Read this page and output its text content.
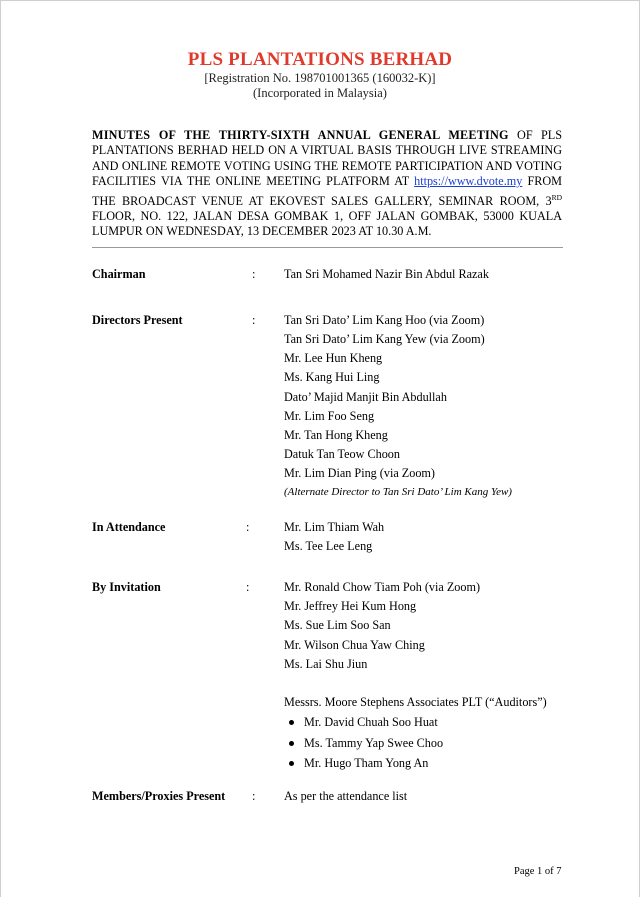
PLS PLANTATIONS BERHAD
[Registration No. 198701001365 (160032-K)]
(Incorporated in Malaysia)
MINUTES OF THE THIRTY-SIXTH ANNUAL GENERAL MEETING OF PLS PLANTATIONS BERHAD HELD ON A VIRTUAL BASIS THROUGH LIVE STREAMING AND ONLINE REMOTE VOTING USING THE REMOTE PARTICIPATION AND VOTING FACILITIES VIA THE ONLINE MEETING PLATFORM AT https://www.dvote.my FROM THE BROADCAST VENUE AT EKOVEST SALES GALLERY, SEMINAR ROOM, 3RD FLOOR, NO. 122, JALAN DESA GOMBAK 1, OFF JALAN GOMBAK, 53000 KUALA LUMPUR ON WEDNESDAY, 13 DECEMBER 2023 AT 10.30 A.M.
Chairman	: Tan Sri Mohamed Nazir Bin Abdul Razak
Directors Present	: Tan Sri Dato’ Lim Kang Hoo (via Zoom)
Tan Sri Dato’ Lim Kang Yew (via Zoom)
Mr. Lee Hun Kheng
Ms. Kang Hui Ling
Dato’ Majid Manjit Bin Abdullah
Mr. Lim Foo Seng
Mr. Tan Hong Kheng
Datuk Tan Teow Choon
Mr. Lim Dian Ping (via Zoom)
(Alternate Director to Tan Sri Dato’ Lim Kang Yew)
In Attendance	:	Mr. Lim Thiam Wah
Ms. Tee Lee Leng
By Invitation	:	Mr. Ronald Chow Tiam Poh (via Zoom)
Mr. Jeffrey Hei Kum Hong
Ms. Sue Lim Soo San
Mr. Wilson Chua Yaw Ching
Ms. Lai Shu Jiun
Messrs. Moore Stephens Associates PLT (“Auditors”)
Mr. David Chuah Soo Huat
Ms. Tammy Yap Swee Choo
Mr. Hugo Tham Yong An
Members/Proxies Present : As per the attendance list
Page 1 of 7
